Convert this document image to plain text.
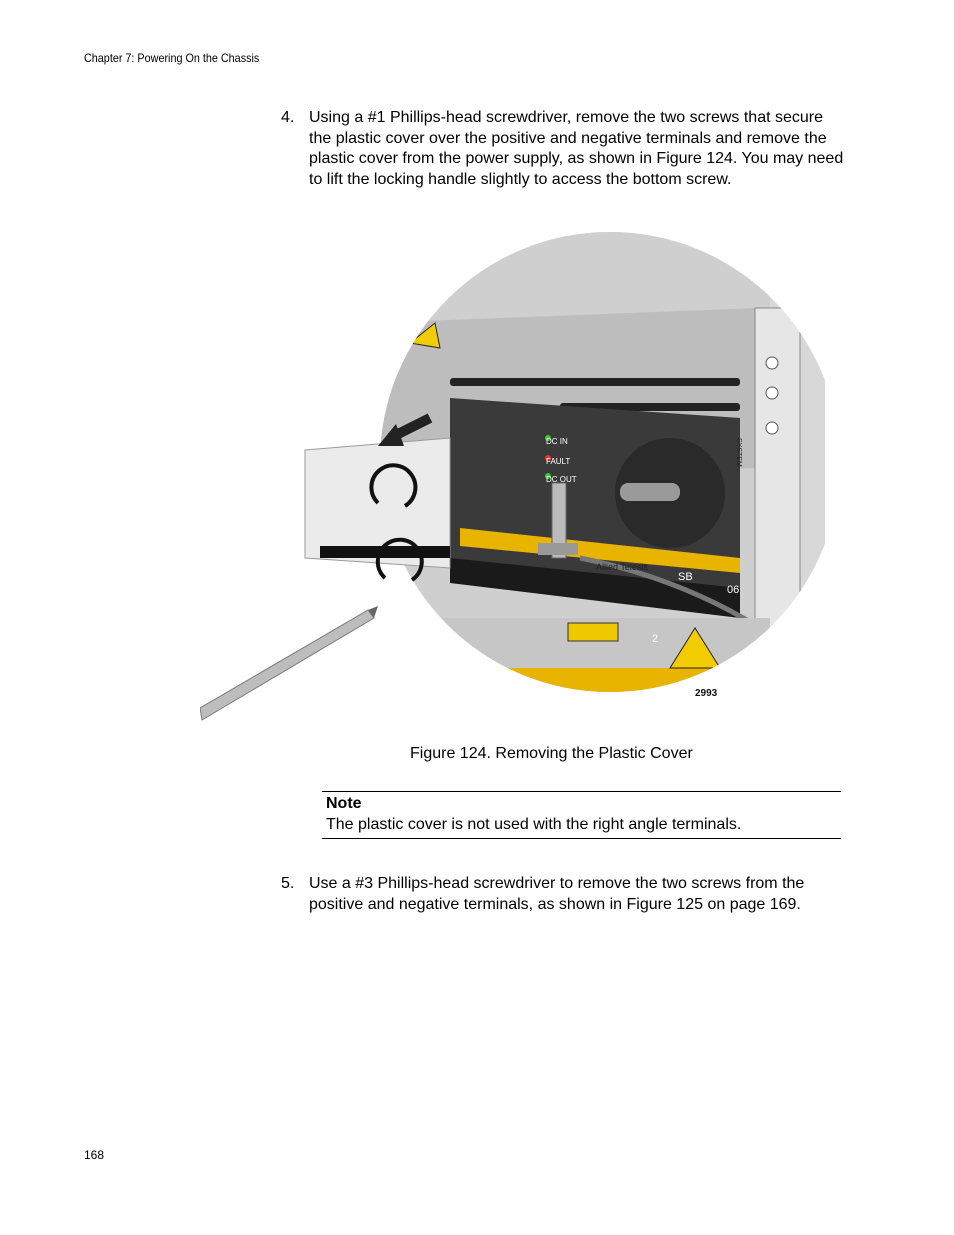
Chapter 7: Powering On the Chassis
4. Using a #1 Phillips-head screwdriver, remove the two screws that secure the plastic cover over the positive and negative terminals and remove the plastic cover from the power supply, as shown in Figure 124. You may need to lift the locking handle slightly to access the bottom screw.
DC IN
FAULT
DC OUT
Allied Telesis
SB
06
2
SYSTEM
2993
Figure 124. Removing the Plastic Cover
Note
The plastic cover is not used with the right angle terminals.
5. Use a #3 Phillips-head screwdriver to remove the two screws from the positive and negative terminals, as shown in Figure 125 on page 169.
168
